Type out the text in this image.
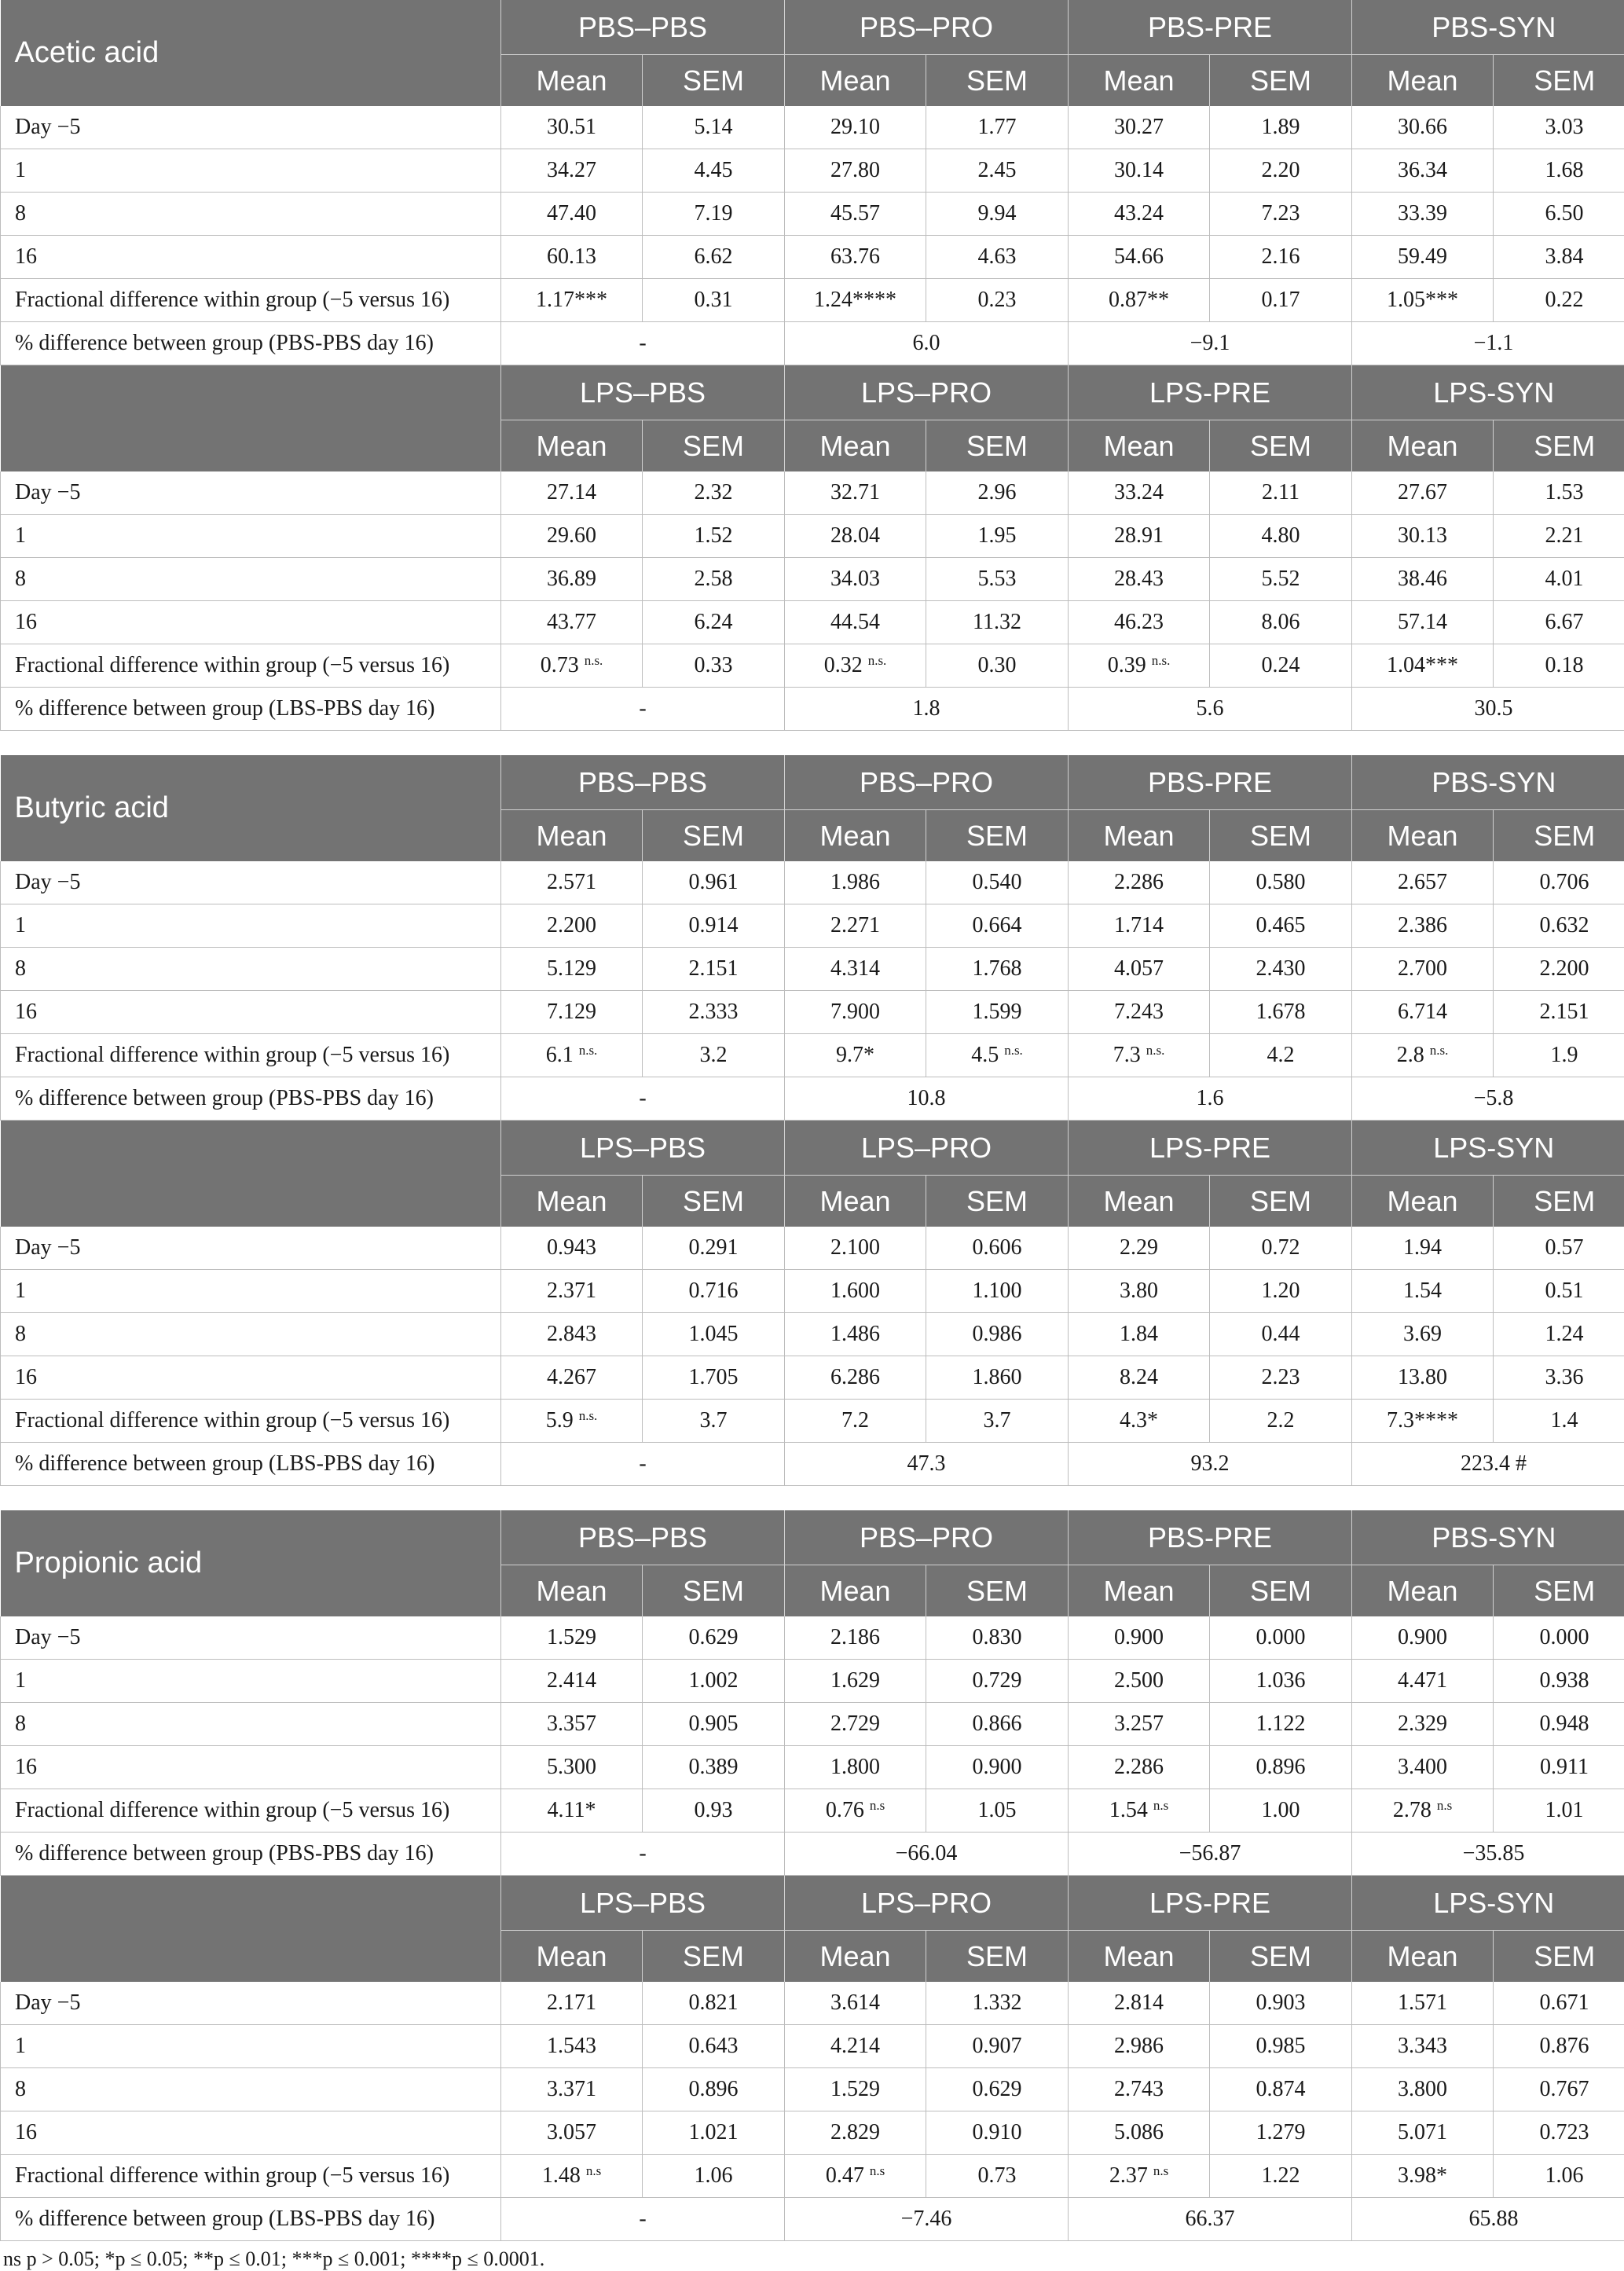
Acetic acid	PBS–PBS		PBS–PRO		PBS-PRE		PBS-SYN	
	Mean	SEM	Mean	SEM	Mean	SEM	Mean	SEM
Day −5	30.51	5.14	29.10	1.77	30.27	1.89	30.66	3.03
1	34.27	4.45	27.80	2.45	30.14	2.20	36.34	1.68
8	47.40	7.19	45.57	9.94	43.24	7.23	33.39	6.50
16	60.13	6.62	63.76	4.63	54.66	2.16	59.49	3.84
Fractional difference within group (−5 versus 16)	1.17***	0.31	1.24****	0.23	0.87**	0.17	1.05***	0.22
% difference between group (PBS-PBS day 16)	-		6.0		−9.1		−1.1	
	LPS–PBS		LPS–PRO		LPS-PRE		LPS-SYN	
	Mean	SEM	Mean	SEM	Mean	SEM	Mean	SEM
Day −5	27.14	2.32	32.71	2.96	33.24	2.11	27.67	1.53
1	29.60	1.52	28.04	1.95	28.91	4.80	30.13	2.21
8	36.89	2.58	34.03	5.53	28.43	5.52	38.46	4.01
16	43.77	6.24	44.54	11.32	46.23	8.06	57.14	6.67
Fractional difference within group (−5 versus 16)	0.73 $^{n.s.}$	0.33	0.32 $^{n.s.}$	0.30	0.39 $^{n.s.}$	0.24	1.04***	0.18
% difference between group (LBS-PBS day 16)	-		1.8		5.6		30.5	
Butyric acid	PBS–PBS		PBS–PRO		PBS-PRE		PBS-SYN	
	Mean	SEM	Mean	SEM	Mean	SEM	Mean	SEM
Day −5	2.571	0.961	1.986	0.540	2.286	0.580	2.657	0.706
1	2.200	0.914	2.271	0.664	1.714	0.465	2.386	0.632
8	5.129	2.151	4.314	1.768	4.057	2.430	2.700	2.200
16	7.129	2.333	7.900	1.599	7.243	1.678	6.714	2.151
Fractional difference within group (−5 versus 16)	6.1 $^{n.s.}$	3.2	9.7*	4.5 $^{n.s.}$	7.3 $^{n.s.}$	4.2	2.8 $^{n.s.}$	1.9
% difference between group (PBS-PBS day 16)	-		10.8		1.6		−5.8	
	LPS–PBS		LPS–PRO		LPS-PRE		LPS-SYN	
	Mean	SEM	Mean	SEM	Mean	SEM	Mean	SEM
Day −5	0.943	0.291	2.100	0.606	2.29	0.72	1.94	0.57
1	2.371	0.716	1.600	1.100	3.80	1.20	1.54	0.51
8	2.843	1.045	1.486	0.986	1.84	0.44	3.69	1.24
16	4.267	1.705	6.286	1.860	8.24	2.23	13.80	3.36
Fractional difference within group (−5 versus 16)	5.9 $^{n.s.}$	3.7	7.2	3.7	4.3*	2.2	7.3****	1.4
% difference between group (LBS-PBS day 16)	-		47.3		93.2		223.4 #	
Propionic acid	PBS–PBS		PBS–PRO		PBS-PRE		PBS-SYN	
	Mean	SEM	Mean	SEM	Mean	SEM	Mean	SEM
Day −5	1.529	0.629	2.186	0.830	0.900	0.000	0.900	0.000
1	2.414	1.002	1.629	0.729	2.500	1.036	4.471	0.938
8	3.357	0.905	2.729	0.866	3.257	1.122	2.329	0.948
16	5.300	0.389	1.800	0.900	2.286	0.896	3.400	0.911
Fractional difference within group (−5 versus 16)	4.11*	0.93	0.76 $^{n.s}$	1.05	1.54 $^{n.s}$	1.00	2.78 $^{n.s}$	1.01
% difference between group (PBS-PBS day 16)	-		−66.04		−56.87		−35.85	
	LPS–PBS		LPS–PRO		LPS-PRE		LPS-SYN	
	Mean	SEM	Mean	SEM	Mean	SEM	Mean	SEM
Day −5	2.171	0.821	3.614	1.332	2.814	0.903	1.571	0.671
1	1.543	0.643	4.214	0.907	2.986	0.985	3.343	0.876
8	3.371	0.896	1.529	0.629	2.743	0.874	3.800	0.767
16	3.057	1.021	2.829	0.910	5.086	1.279	5.071	0.723
Fractional difference within group (−5 versus 16)	1.48 $^{n.s}$	1.06	0.47 $^{n.s}$	0.73	2.37 $^{n.s}$	1.22	3.98*	1.06
% difference between group (LBS-PBS day 16)	-		−7.46		66.37		65.88	
ns p > 0.05; *p ≤ 0.05; **p ≤ 0.01; ***p ≤ 0.001; ****p ≤ 0.0001.
